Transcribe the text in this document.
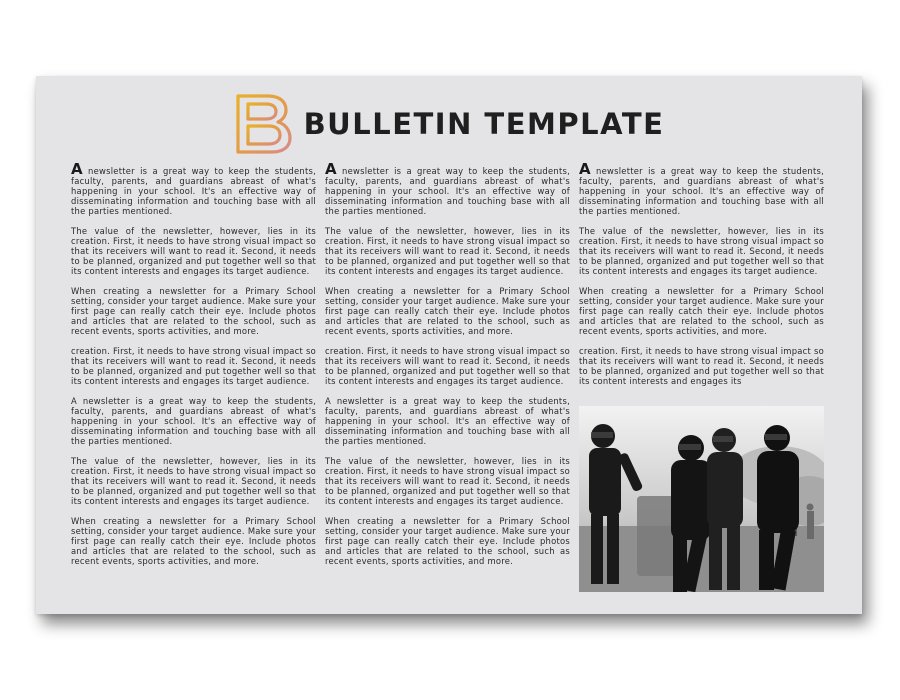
BULLETIN TEMPLATE

A newsletter is a great way to keep the students, faculty, parents, and guardians abreast of what's happening in your school. It's an effective way of disseminating information and touching base with all the parties mentioned.

The value of the newsletter, however, lies in its creation. First, it needs to have strong visual impact so that its receivers will want to read it. Second, it needs to be planned, organized and put together well so that its content interests and engages its target audience.

When creating a newsletter for a Primary School setting, consider your target audience. Make sure your first page can really catch their eye. Include photos and articles that are related to the school, such as recent events, sports activities, and more.

creation. First, it needs to have strong visual impact so that its receivers will want to read it. Second, it needs to be planned, organized and put together well so that its content interests and engages its target audience.

A newsletter is a great way to keep the students, faculty, parents, and guardians abreast of what's happening in your school. It's an effective way of disseminating information and touching base with all the parties mentioned.

The value of the newsletter, however, lies in its creation. First, it needs to have strong visual impact so that its receivers will want to read it. Second, it needs to be planned, organized and put together well so that its content interests and engages its target audience.

When creating a newsletter for a Primary School setting, consider your target audience. Make sure your first page can really catch their eye. Include photos and articles that are related to the school, such as recent events, sports activities, and more.

A newsletter is a great way to keep the students, faculty, parents, and guardians abreast of what's happening in your school. It's an effective way of disseminating information and touching base with all the parties mentioned.

The value of the newsletter, however, lies in its creation. First, it needs to have strong visual impact so that its receivers will want to read it. Second, it needs to be planned, organized and put together well so that its content interests and engages its target audience.

When creating a newsletter for a Primary School setting, consider your target audience. Make sure your first page can really catch their eye. Include photos and articles that are related to the school, such as recent events, sports activities, and more.

creation. First, it needs to have strong visual impact so that its receivers will want to read it. Second, it needs to be planned, organized and put together well so that its content interests and engages its target audience.

A newsletter is a great way to keep the students, faculty, parents, and guardians abreast of what's happening in your school. It's an effective way of disseminating information and touching base with all the parties mentioned.

The value of the newsletter, however, lies in its creation. First, it needs to have strong visual impact so that its receivers will want to read it. Second, it needs to be planned, organized and put together well so that its content interests and engages its target audience.

When creating a newsletter for a Primary School setting, consider your target audience. Make sure your first page can really catch their eye. Include photos and articles that are related to the school, such as recent events, sports activities, and more.

A newsletter is a great way to keep the students, faculty, parents, and guardians abreast of what's happening in your school. It's an effective way of disseminating information and touching base with all the parties mentioned.

The value of the newsletter, however, lies in its creation. First, it needs to have strong visual impact so that its receivers will want to read it. Second, it needs to be planned, organized and put together well so that its content interests and engages its target audience.

When creating a newsletter for a Primary School setting, consider your target audience. Make sure your first page can really catch their eye. Include photos and articles that are related to the school, such as recent events, sports activities, and more.

creation. First, it needs to have strong visual impact so that its receivers will want to read it. Second, it needs to be planned, organized and put together well so that its content interests and engages its
